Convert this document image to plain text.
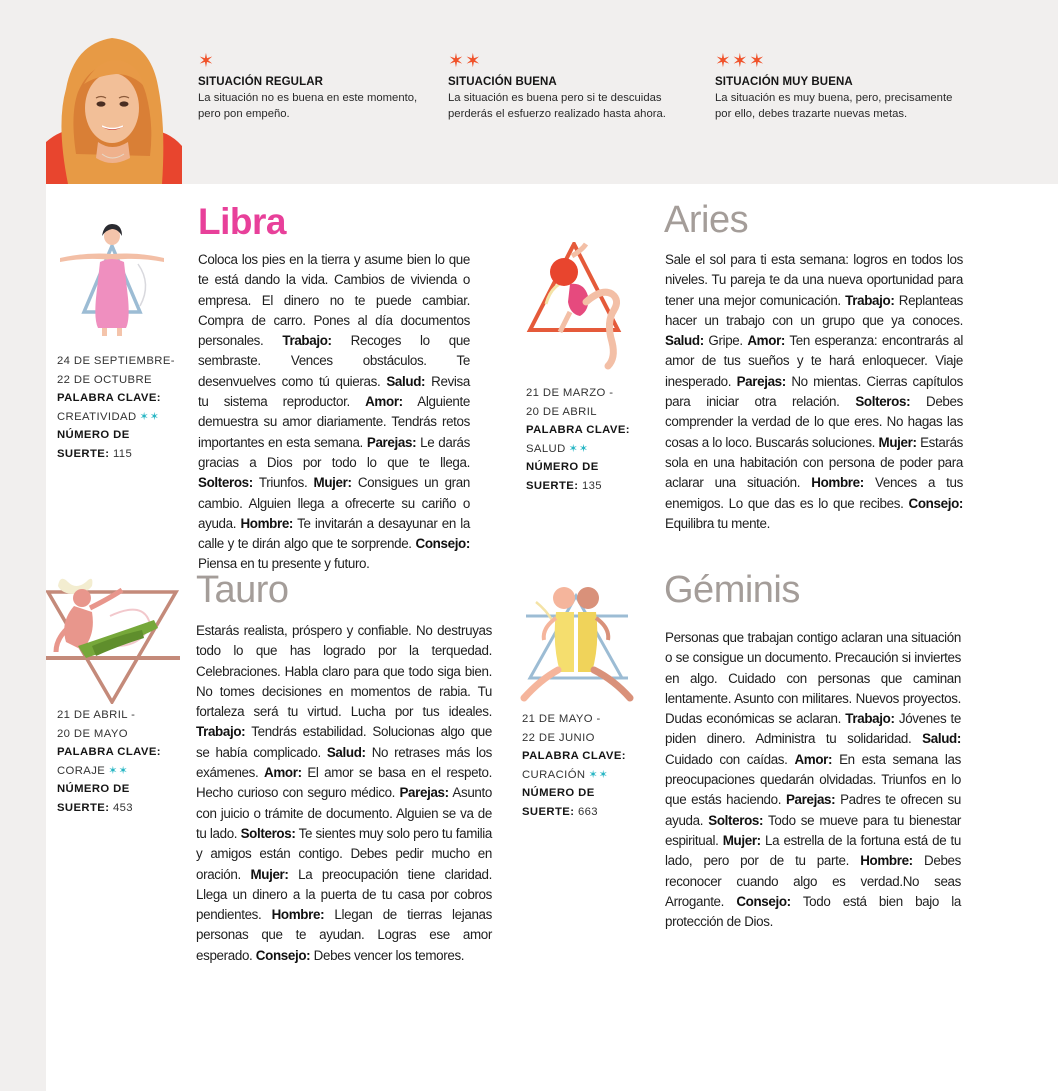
✶
SITUACIÓN REGULAR
La situación no es buena en este momento, pero pon empeño.
✶✶
SITUACIÓN BUENA
La situación es buena pero si te descuidas perderás el esfuerzo realizado hasta ahora.
✶✶✶
SITUACIÓN MUY BUENA
La situación es muy buena, pero, precisamente por ello, debes trazarte nuevas metas.
24 DE SEPTIEMBRE-
22 DE OCTUBRE
PALABRA CLAVE:
CREATIVIDAD ✶✶
NÚMERO DE
SUERTE: 115
Libra
Coloca los pies en la tierra y asume bien lo que te está dando la vida. Cambios de vivienda o empresa. El dinero no te puede cambiar. Compra de carro. Pones al día documentos personales. Trabajo: Recoges lo que sembraste. Vences obstáculos. Te desenvuelves como tú quieras. Salud: Revisa tu sistema reproductor. Amor: Alguiente demuestra su amor diariamente. Tendrás retos importantes en esta semana. Parejas: Le darás gracias a Dios por todo lo que te llega. Solteros: Triunfos. Mujer: Consigues un gran cambio. Alguien llega a ofrecerte su cariño o ayuda. Hombre: Te invitarán a desayunar en la calle y te dirán algo que te sorprende. Consejo: Piensa en tu presente y futuro.
21 DE MARZO -
20 DE ABRIL
PALABRA CLAVE:
SALUD ✶✶
NÚMERO DE
SUERTE: 135
Aries
Sale el sol para ti esta semana: logros en todos los niveles. Tu pareja te da una nueva oportunidad para tener una mejor comunicación. Trabajo: Replanteas hacer un trabajo con un grupo que ya conoces. Salud: Gripe. Amor: Ten esperanza: encontrarás al amor de tus sueños y te hará enloquecer. Viaje inesperado. Parejas: No mientas. Cierras capítulos para iniciar otra relación. Solteros: Debes comprender la verdad de lo que eres. No hagas las cosas a lo loco. Buscarás soluciones. Mujer: Estarás sola en una habitación con persona de poder para aclarar una situación. Hombre: Vences a tus enemigos. Lo que das es lo que recibes. Consejo: Equilibra tu mente.
21 DE ABRIL -
20 DE MAYO
PALABRA CLAVE:
CORAJE ✶✶
NÚMERO DE
SUERTE: 453
Tauro
Estarás realista, próspero y confiable. No destruyas todo lo que has logrado por la terquedad. Celebraciones. Habla claro para que todo siga bien. No tomes decisiones en momentos de rabia. Tu fortaleza será tu virtud. Lucha por tus ideales. Trabajo: Tendrás estabilidad. Solucionas algo que se había complicado. Salud: No retrases más los exámenes. Amor: El amor se basa en el respeto. Hecho curioso con seguro médico. Parejas: Asunto con juicio o trámite de documento. Alguien se va de tu lado. Solteros: Te sientes muy solo pero tu familia y amigos están contigo. Debes pedir mucho en oración. Mujer: La preocupación tiene claridad. Llega un dinero a la puerta de tu casa por cobros pendientes. Hombre: Llegan de tierras lejanas personas que te ayudan. Logras ese amor esperado. Consejo: Debes vencer los temores.
21 DE MAYO -
22 DE JUNIO
PALABRA CLAVE:
CURACIÓN ✶✶
NÚMERO DE
SUERTE: 663
Géminis
Personas que trabajan contigo aclaran una situación o se consigue un documento. Precaución si inviertes en algo. Cuidado con personas que caminan lentamente. Asunto con militares. Nuevos proyectos. Dudas económicas se aclaran. Trabajo: Jóvenes te piden dinero. Administra tu solidaridad. Salud: Cuidado con caídas. Amor: En esta semana las preocupaciones quedarán olvidadas. Triunfos en lo que estás haciendo. Parejas: Padres te ofrecen su ayuda. Solteros: Todo se mueve para tu bienestar espiritual. Mujer: La estrella de la fortuna está de tu lado, pero por de tu parte. Hombre: Debes reconocer cuando algo es verdad.No seas Arrogante. Consejo: Todo está bien bajo la protección de Dios.
